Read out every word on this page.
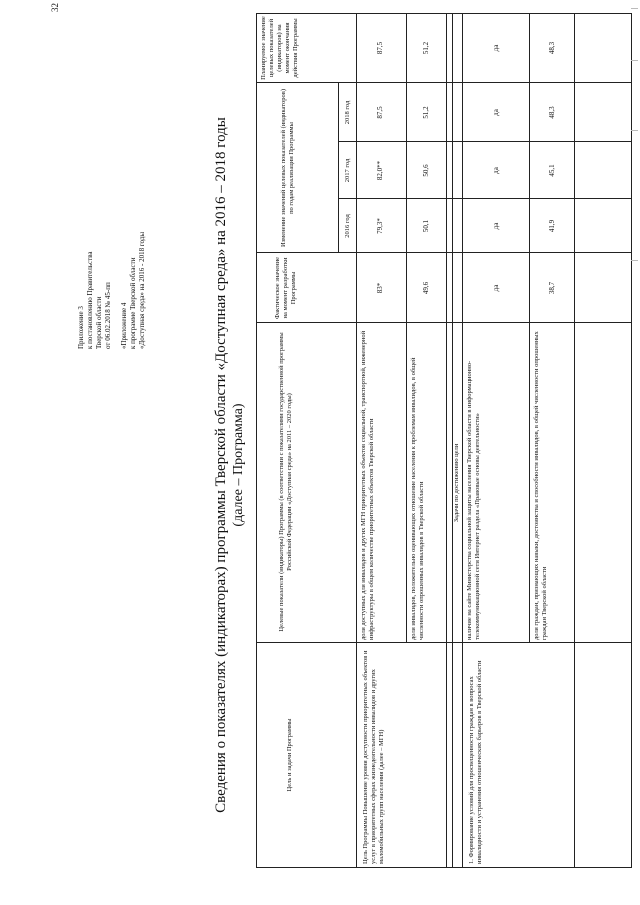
32
Приложение 3 к постановлению Правительства Тверской области от 06.02.2018 № 45-пп «Приложение 4 к программе Тверской области «Доступная среда» на 2016 - 2018 годы	Сведения о показателях (индикаторах) программы Тверской области «Доступная среда» на 2016 – 2018 годы (далее – Программа)
Цель и задачи Программы
Целевые показатели (индикаторы) Программы (в соответствии с показателями государственной программы Российской Федерации «Доступная среда» на 2011 – 2020 годы)
Фактическое значение на момент разработки Программы
Изменение значений целевых показателей (индикаторов) по годам реализации Программы
2016 год
2017 год
2018 год
Планируемое значение целевых показателей (индикаторов) на момент окончания действия Программы
Цель Программы Повышение уровня доступности приоритетных объектов и услуг в приоритетных сферах жизнедеятельности инвалидов и других маломобильных групп населения (далее – МГН)
доля доступных для инвалидов и других МГН приоритетных объектов социальной, транспортной, инженерной инфраструктуры в общем количестве приоритетных объектов Тверской области
83*
79,3*
82,0**
87,5
87,5
доля инвалидов, положительно оценивающих отношение населения к проблемам инвалидов, в общей численности опрошенных инвалидов в Тверской области
49,6
50,1
50,6
51,2
51,2
Задачи по достижению цели
1. Формирование условий для просвещенности граждан в вопросах инвалидности и устранения отношенческих барьеров в Тверской области
наличие на сайте Министерства социальной защиты населения Тверской области в информационно-телекоммуникационной сети Интернет раздела «Правовые основы деятельности»
да
да
да
да
да
доля граждан, признающих навыки, достоинства и способности инвалидов, в общей численности опрошенных граждан Тверской области
38,7
41,9
45,1
48,3
48,3
